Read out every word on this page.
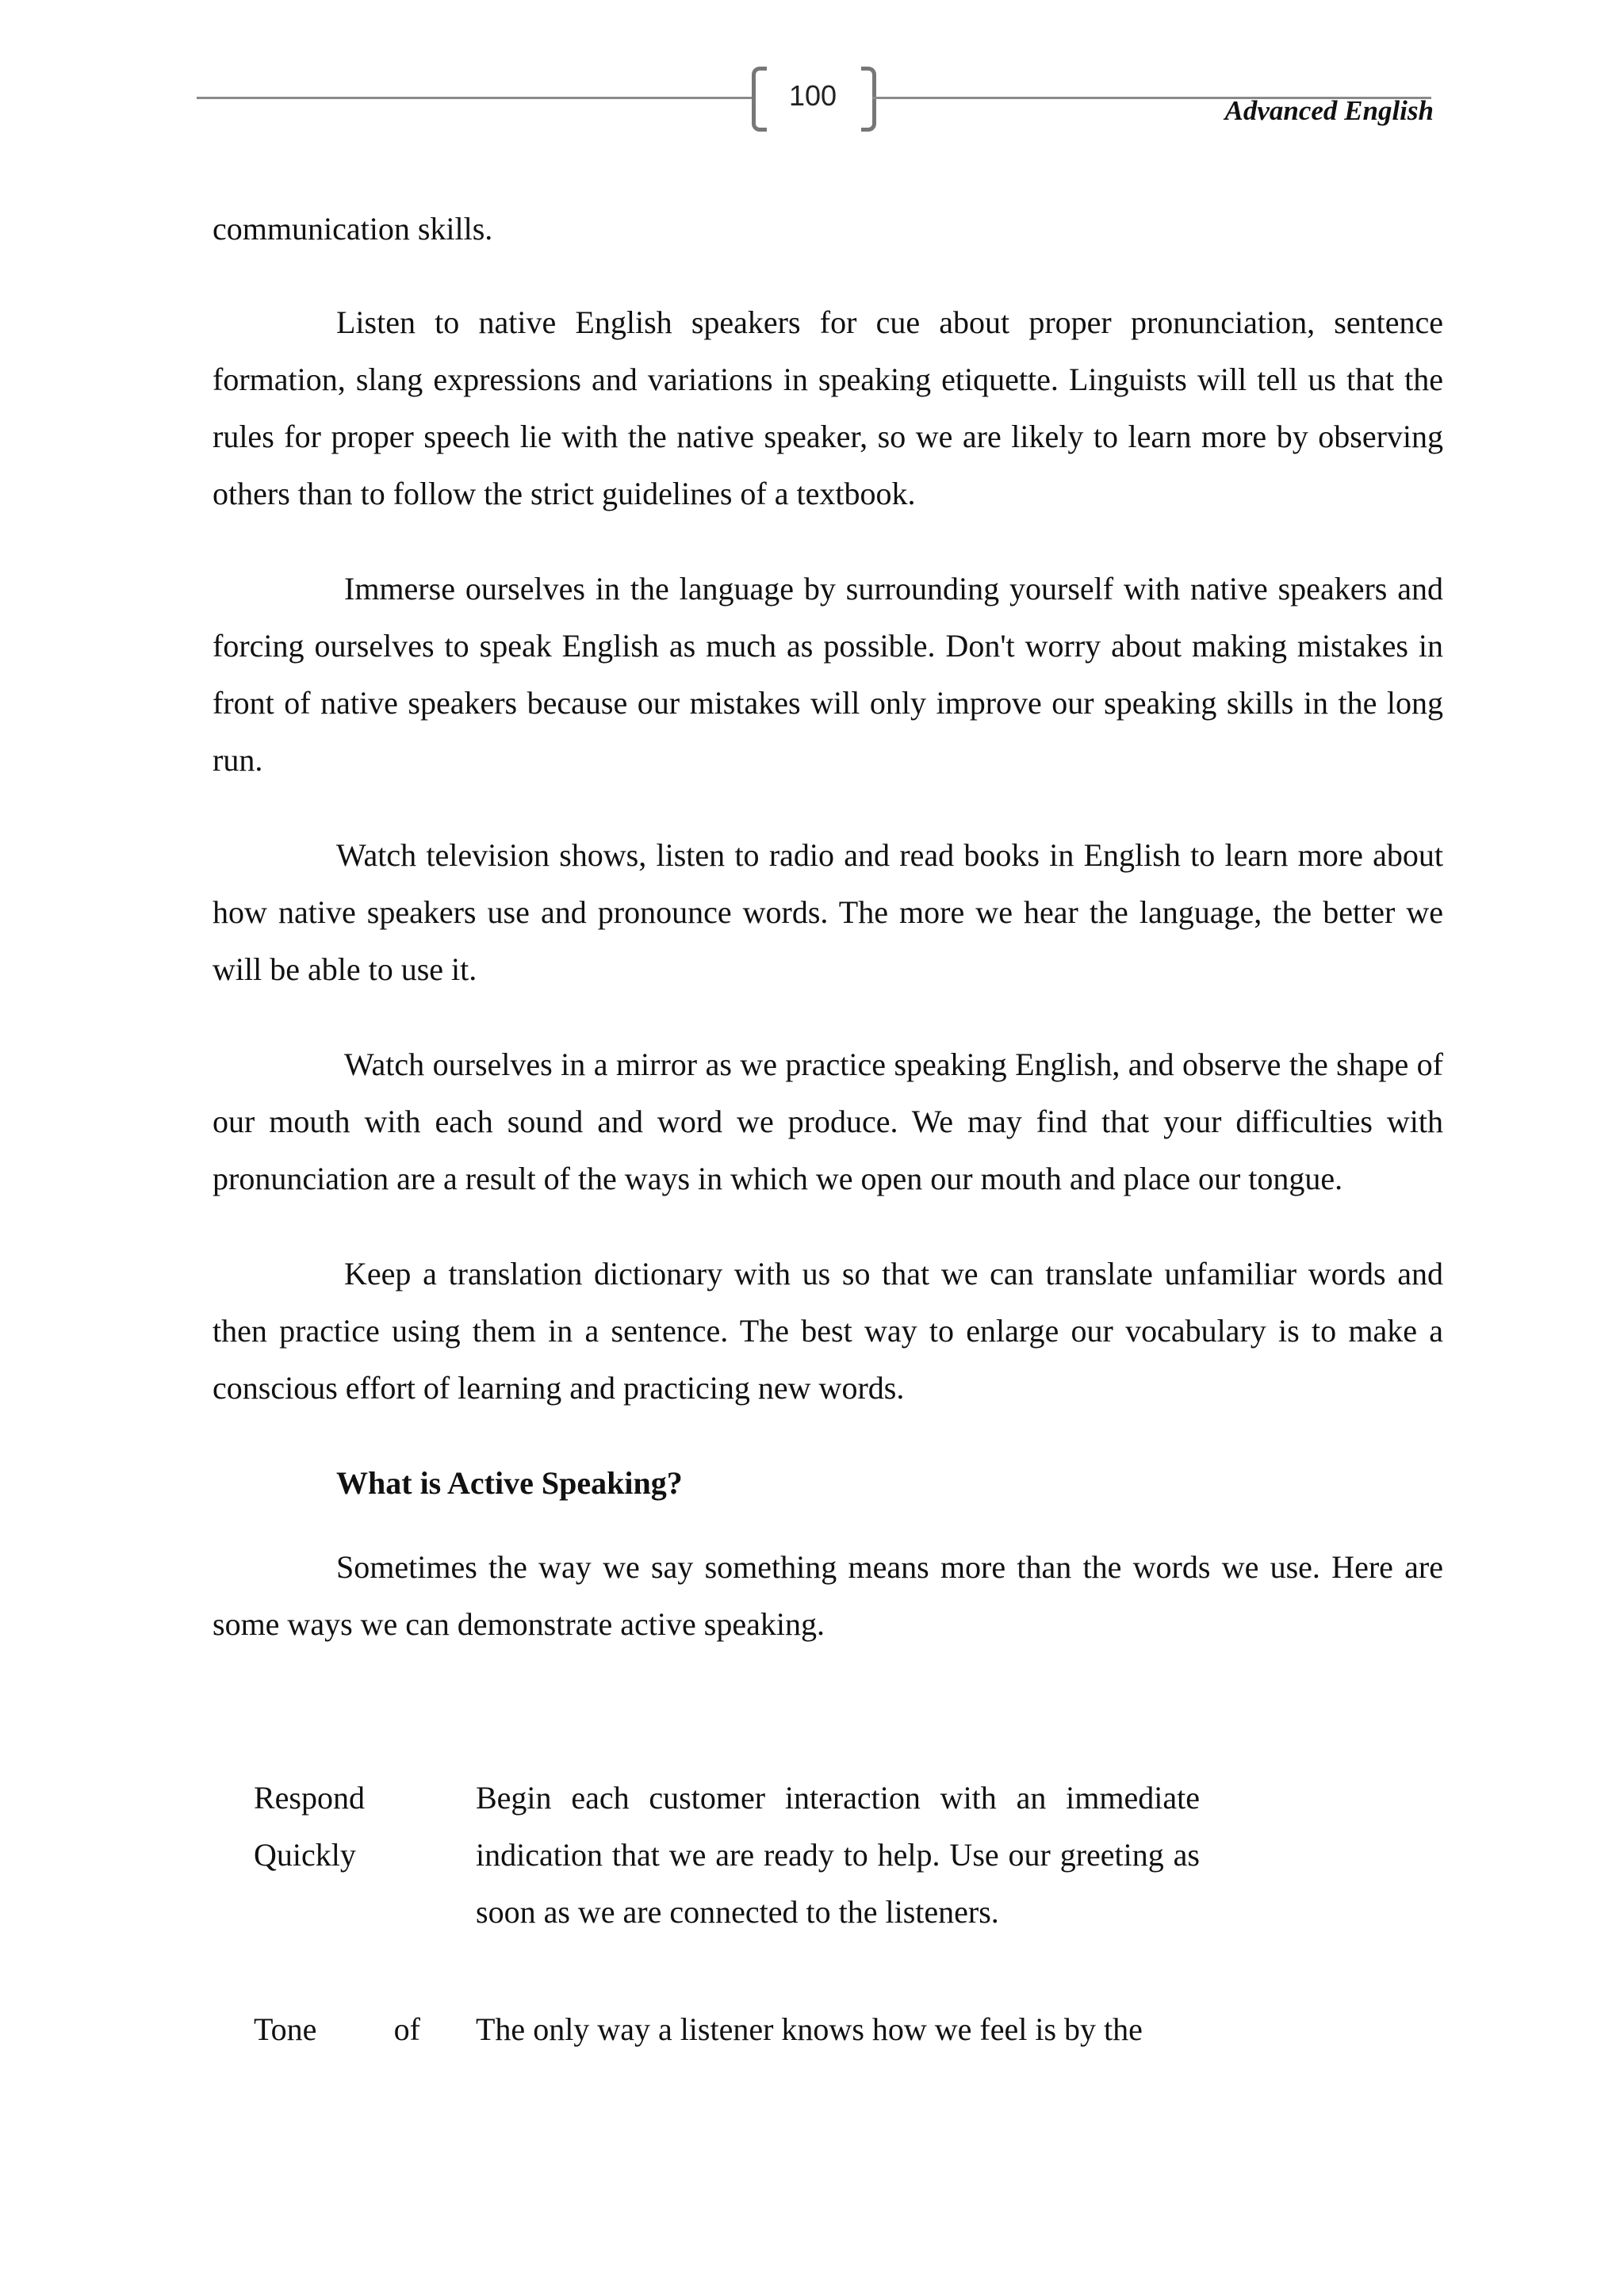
100	Advanced English

communication skills.

Listen to native English speakers for cue about proper pronunciation, sentence formation, slang expressions and variations in speaking etiquette. Linguists will tell us that the rules for proper speech lie with the native speaker, so we are likely to learn more by observing others than to follow the strict guidelines of a textbook.

Immerse ourselves in the language by surrounding yourself with native speakers and forcing ourselves to speak English as much as possible. Don't worry about making mistakes in front of native speakers because our mistakes will only improve our speaking skills in the long run.

Watch television shows, listen to radio and read books in English to learn more about how native speakers use and pronounce words. The more we hear the language, the better we will be able to use it.

Watch ourselves in a mirror as we practice speaking English, and observe the shape of our mouth with each sound and word we produce. We may find that your difficulties with pronunciation are a result of the ways in which we open our mouth and place our tongue.

Keep a translation dictionary with us so that we can translate unfamiliar words and then practice using them in a sentence. The best way to enlarge our vocabulary is to make a conscious effort of learning and practicing new words.

What is Active Speaking?

Sometimes the way we say something means more than the words we use. Here are some ways we can demonstrate active speaking.

Respond
Quickly
Begin each customer interaction with an immediate indication that we are ready to help. Use our greeting as soon as we are connected to the listeners.
Tone of The only way a listener knows how we feel is by the
